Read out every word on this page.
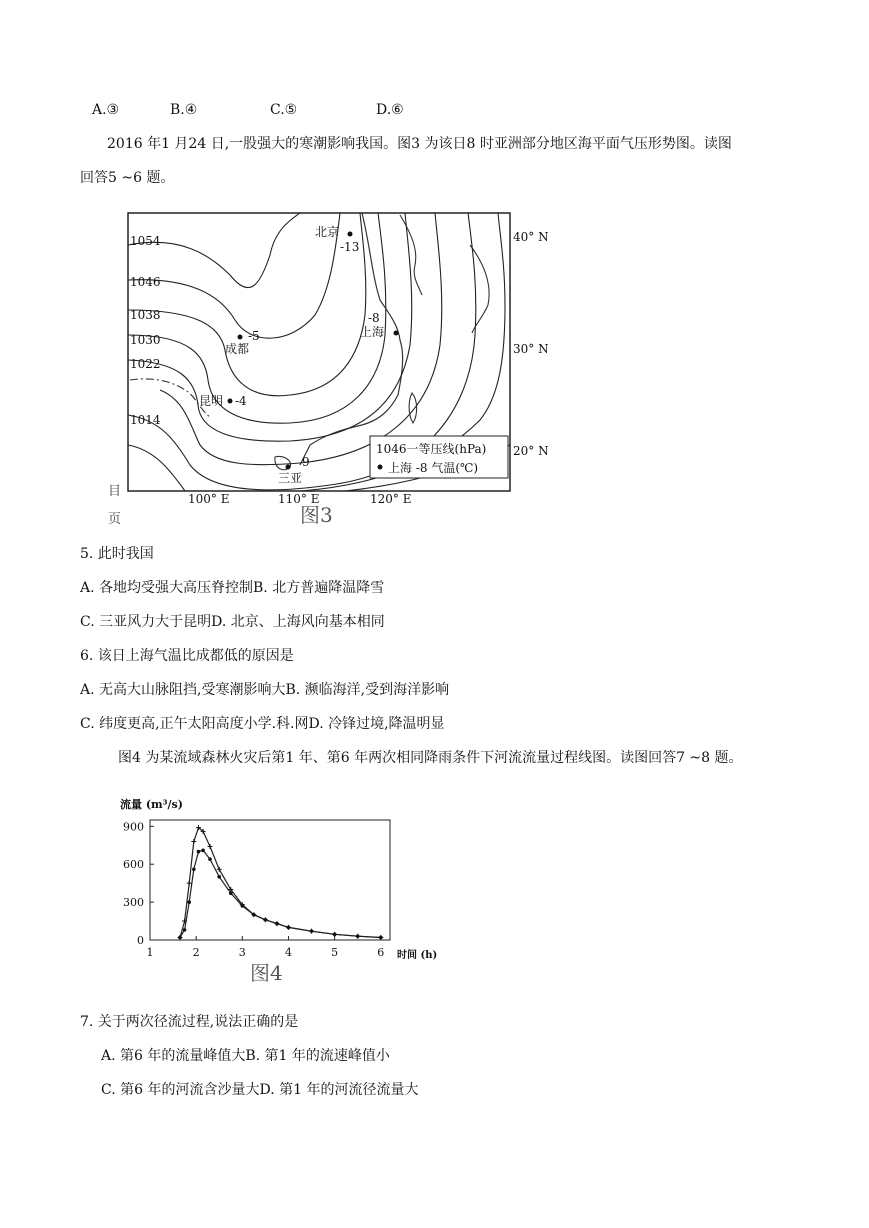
A.③	B.④	C.⑤	D.⑥
2016 年1 月24 日,一股强大的寒潮影响我国。图3 为该日8 时亚洲部分地区海平面气压形势图。读图
回答5 ~6 题。
1054
1046
1038
1030
1022
1014
北京
-13
上海
-8
成都
-5
昆明 -4
三亚
9
40° N
30° N
20° N
100° E	110° E	120° E
1046一等压线(hPa)
上海 -8 气温(℃)
图3
目
页
5. 此时我国
A. 各地均受强大高压脊控制B. 北方普遍降温降雪
C. 三亚风力大于昆明D. 北京、上海风向基本相同
6. 该日上海气温比成都低的原因是
A. 无高大山脉阻挡,受寒潮影响大B. 濒临海洋,受到海洋影响
C. 纬度更高,正午太阳高度小学.科.网D. 冷锋过境,降温明显
图4 为某流域森林火灾后第1 年、第6 年两次相同降雨条件下河流流量过程线图。读图回答7 ~8 题。
流量 (m³/s)
0
300
600
900
1	2	3	4	5	6 时间 (h)
图4
7. 关于两次径流过程,说法正确的是
A. 第6 年的流量峰值大B. 第1 年的流速峰值小
C. 第6 年的河流含沙量大D. 第1 年的河流径流量大
